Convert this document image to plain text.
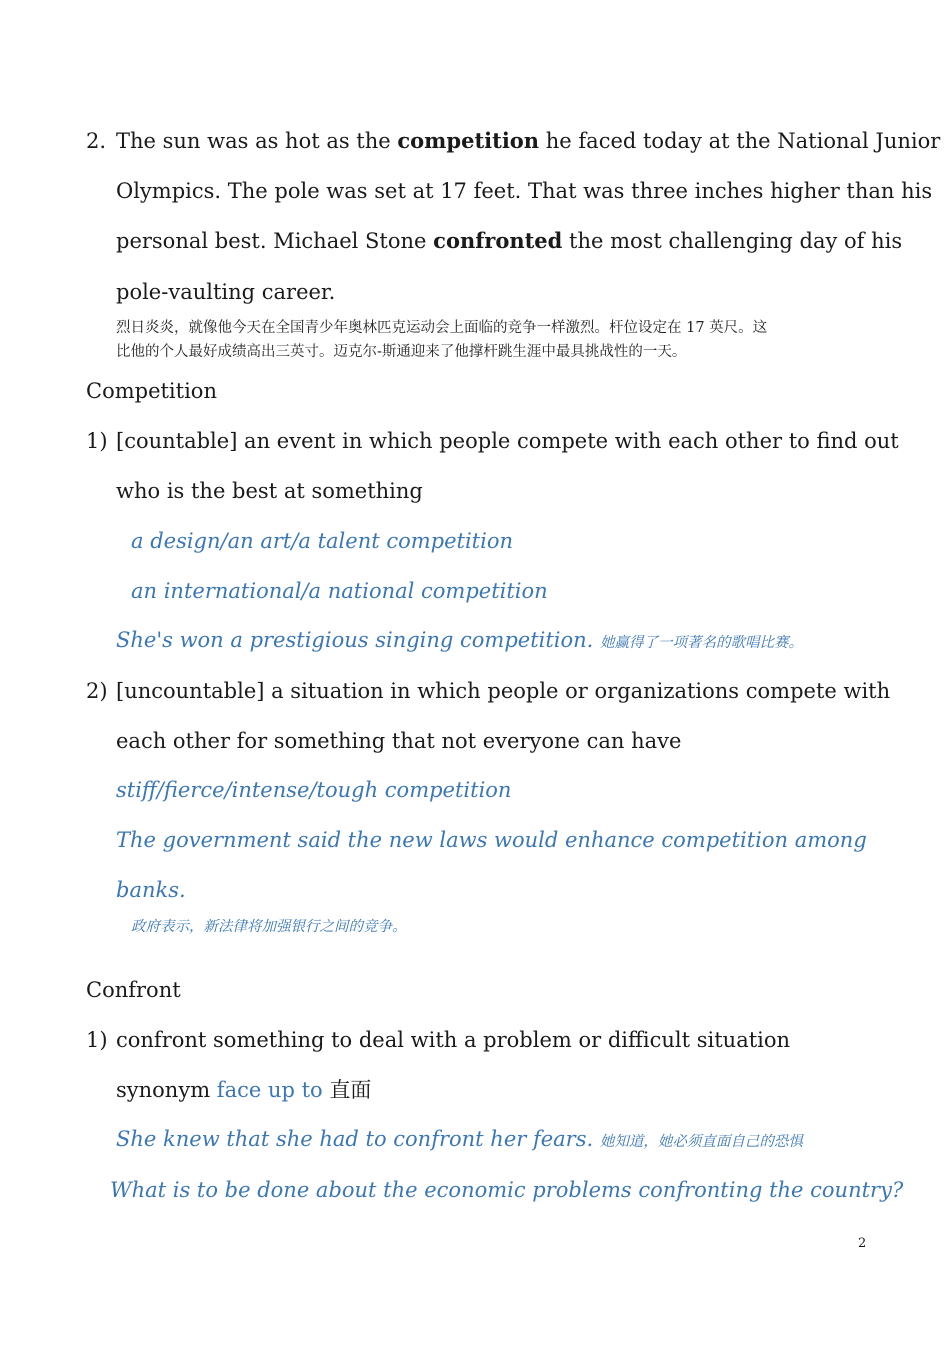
2. The sun was as hot as the competition he faced today at the National Junior
Olympics. The pole was set at 17 feet. That was three inches higher than his
personal best. Michael Stone confronted the most challenging day of his
pole-vaulting career.
烈日炎炎，就像他今天在全国青少年奥林匹克运动会上面临的竞争一样激烈。杆位设定在 17 英尺。这
比他的个人最好成绩高出三英寸。迈克尔-斯通迎来了他撑杆跳生涯中最具挑战性的一天。
Competition
1) [countable] an event in which people compete with each other to find out
who is the best at something
a design/an art/a talent competition
an international/a national competition
She's won a prestigious singing competition. 她赢得了一项著名的歌唱比赛。
2) [uncountable] a situation in which people or organizations compete with
each other for something that not everyone can have
stiff/fierce/intense/tough competition
The government said the new laws would enhance competition among
banks.
政府表示，新法律将加强银行之间的竞争。
Confront
1) confront something to deal with a problem or difficult situation
synonym face up to 直面
She knew that she had to confront her fears. 她知道，她必须直面自己的恐惧
What is to be done about the economic problems confronting the country?
2
